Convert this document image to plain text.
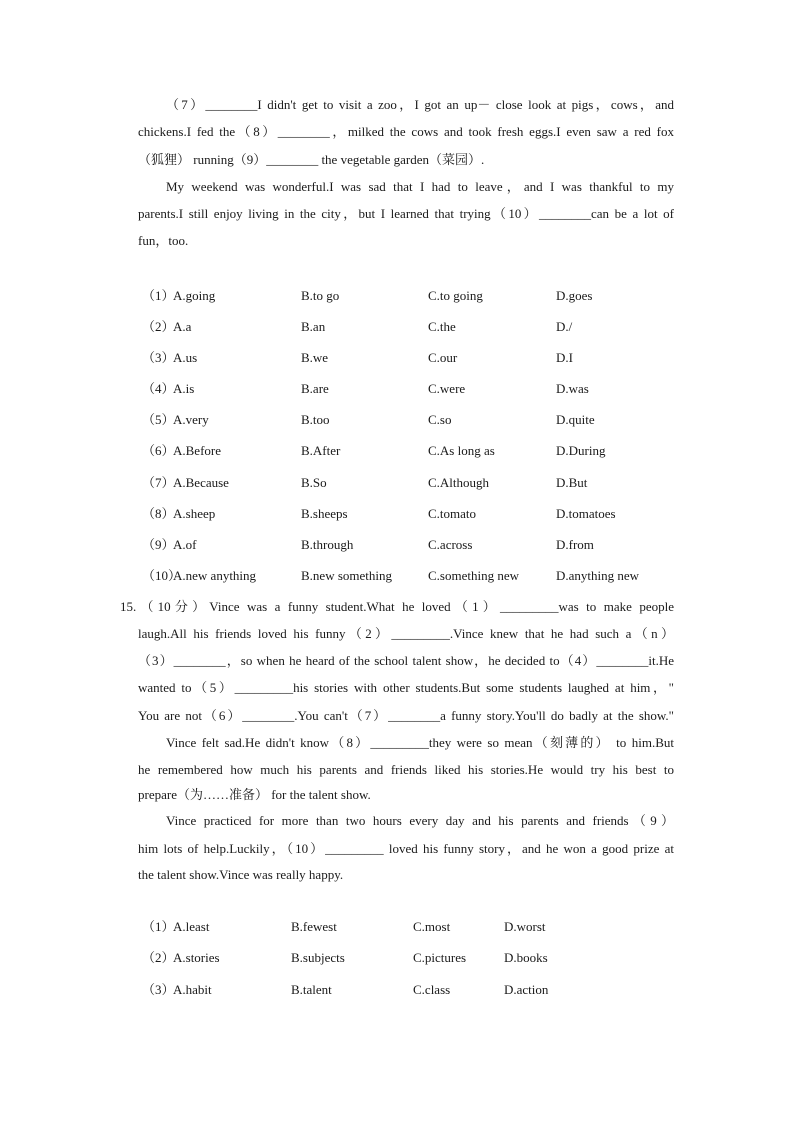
（7）________I didn't get to visit a zoo，I got an up－ close look at pigs，cows，and
chickens.I fed the（8）________，milked the cows and took fresh eggs.I even saw a red fox
（狐狸） running（9）________ the vegetable garden（菜园）.
My weekend was wonderful.I was sad that I had to leave，and I was thankful to my
parents.I still enjoy living in the city，but I learned that trying（10）________can be a lot of
fun，too.
（1）
A.going	B.to go	C.to going	D.goes
（2）
A.a	B.an	C.the	D./
（3）
A.us	B.we	C.our	D.I
（4）
A.is	B.are	C.were	D.was
（5）
A.very	B.too	C.so	D.quite
（6）
A.Before	B.After	C.As long as	D.During
（7）
A.Because	B.So	C.Although	D.But
（8）
A.sheep	B.sheeps	C.tomato	D.tomatoes
（9）
A.of	B.through	C.across	D.from
（10）
A.new anything	B.new something	C.something new	D.anything new
15.（10分）Vince was a funny student.What he loved（1）_________was to make people
laugh.All his friends loved his funny（2）_________.Vince knew that he had such a（n）
（3）________，so when he heard of the school talent show，he decided to（4）________it.He
wanted to（5）_________his stories with other students.But some students laughed at him，"
You are not（6）________.You can't（7）________a funny story.You'll do badly at the show."
Vince felt sad.He didn't know（8）_________they were so mean（刻薄的） to him.But
he remembered how much his parents and friends liked his stories.He would try his best to
prepare（为……准备） for the talent show.
Vince practiced for more than two hours every day and his parents and friends（9）
him lots of help.Luckily，（10）_________ loved his funny story，and he won a good prize at
the talent show.Vince was really happy.
（1）
A.least	B.fewest	C.most	D.worst
（2）
A.stories	B.subjects	C.pictures	D.books
（3）
A.habit	B.talent	C.class	D.action
